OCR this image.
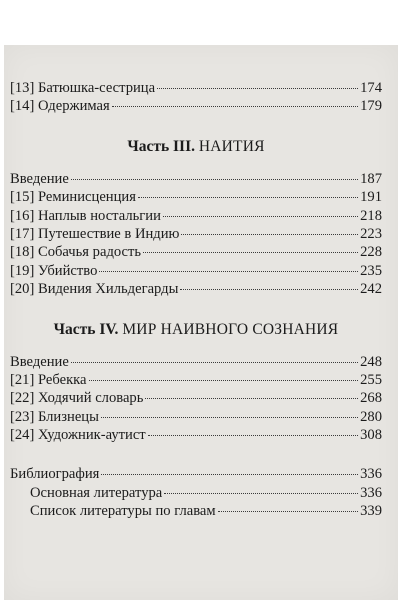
[13] Батюшка-сестрица	174
[14] Одержимая	179
Часть III. НАИТИЯ
Введение	187
[15] Реминисценция	191
[16] Наплыв ностальгии	218
[17] Путешествие в Индию	223
[18] Собачья радость	228
[19] Убийство	235
[20] Видения Хильдегарды	242
Часть IV. МИР НАИВНОГО СОЗНАНИЯ
Введение	248
[21] Ребекка	255
[22] Ходячий словарь	268
[23] Близнецы	280
[24] Художник-аутист	308
Библиография	336
Основная литература	336
Список литературы по главам	339
